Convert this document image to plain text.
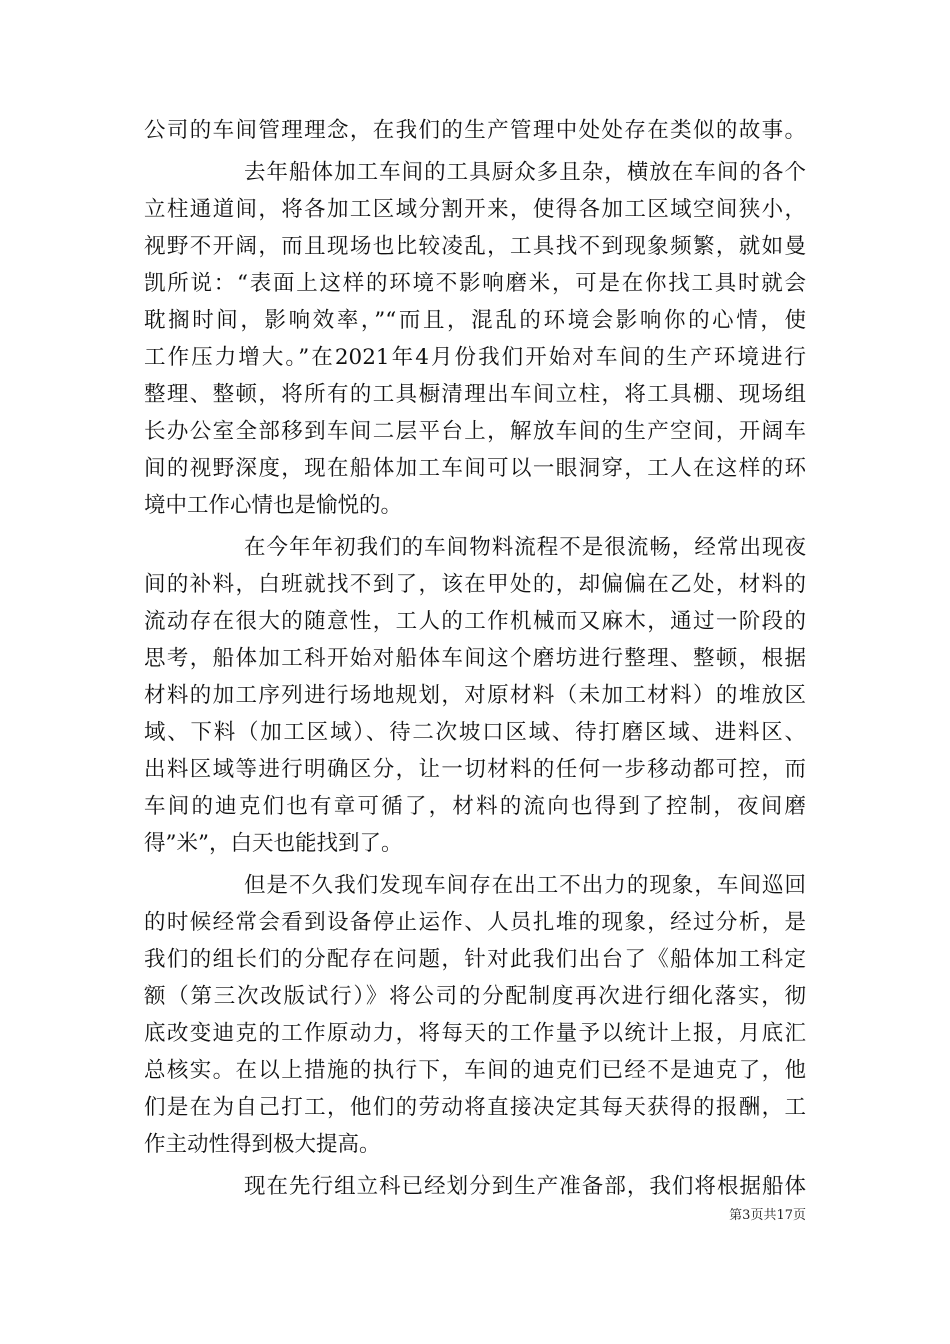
公司的车间管理理念，在我们的生产管理中处处存在类似的故事。
去年船体加工车间的工具厨众多且杂，横放在车间的各个
立柱通道间，将各加工区域分割开来，使得各加工区域空间狭小，
视野不开阔，而且现场也比较凌乱，工具找不到现象频繁，就如曼
凯所说：“表面上这样的环境不影响磨米，可是在你找工具时就会
耽搁时间，影响效率，”“而且，混乱的环境会影响你的心情，使
工作压力增大。”在2021年4月份我们开始对车间的生产环境进行
整理、整顿，将所有的工具橱清理出车间立柱，将工具棚、现场组
长办公室全部移到车间二层平台上，解放车间的生产空间，开阔车
间的视野深度，现在船体加工车间可以一眼洞穿，工人在这样的环
境中工作心情也是愉悦的。
在今年年初我们的车间物料流程不是很流畅，经常出现夜
间的补料，白班就找不到了，该在甲处的，却偏偏在乙处，材料的
流动存在很大的随意性，工人的工作机械而又麻木，通过一阶段的
思考，船体加工科开始对船体车间这个磨坊进行整理、整顿，根据
材料的加工序列进行场地规划，对原材料（未加工材料）的堆放区
域、下料（加工区域）、待二次坡口区域、待打磨区域、进料区、
出料区域等进行明确区分，让一切材料的任何一步移动都可控，而
车间的迪克们也有章可循了，材料的流向也得到了控制，夜间磨
得”米”，白天也能找到了。
但是不久我们发现车间存在出工不出力的现象，车间巡回
的时候经常会看到设备停止运作、人员扎堆的现象，经过分析，是
我们的组长们的分配存在问题，针对此我们出台了《船体加工科定
额（第三次改版试行）》将公司的分配制度再次进行细化落实，彻
底改变迪克的工作原动力，将每天的工作量予以统计上报，月底汇
总核实。在以上措施的执行下，车间的迪克们已经不是迪克了，他
们是在为自己打工，他们的劳动将直接决定其每天获得的报酬，工
作主动性得到极大提高。
现在先行组立科已经划分到生产准备部，我们将根据船体
第3页共17页
